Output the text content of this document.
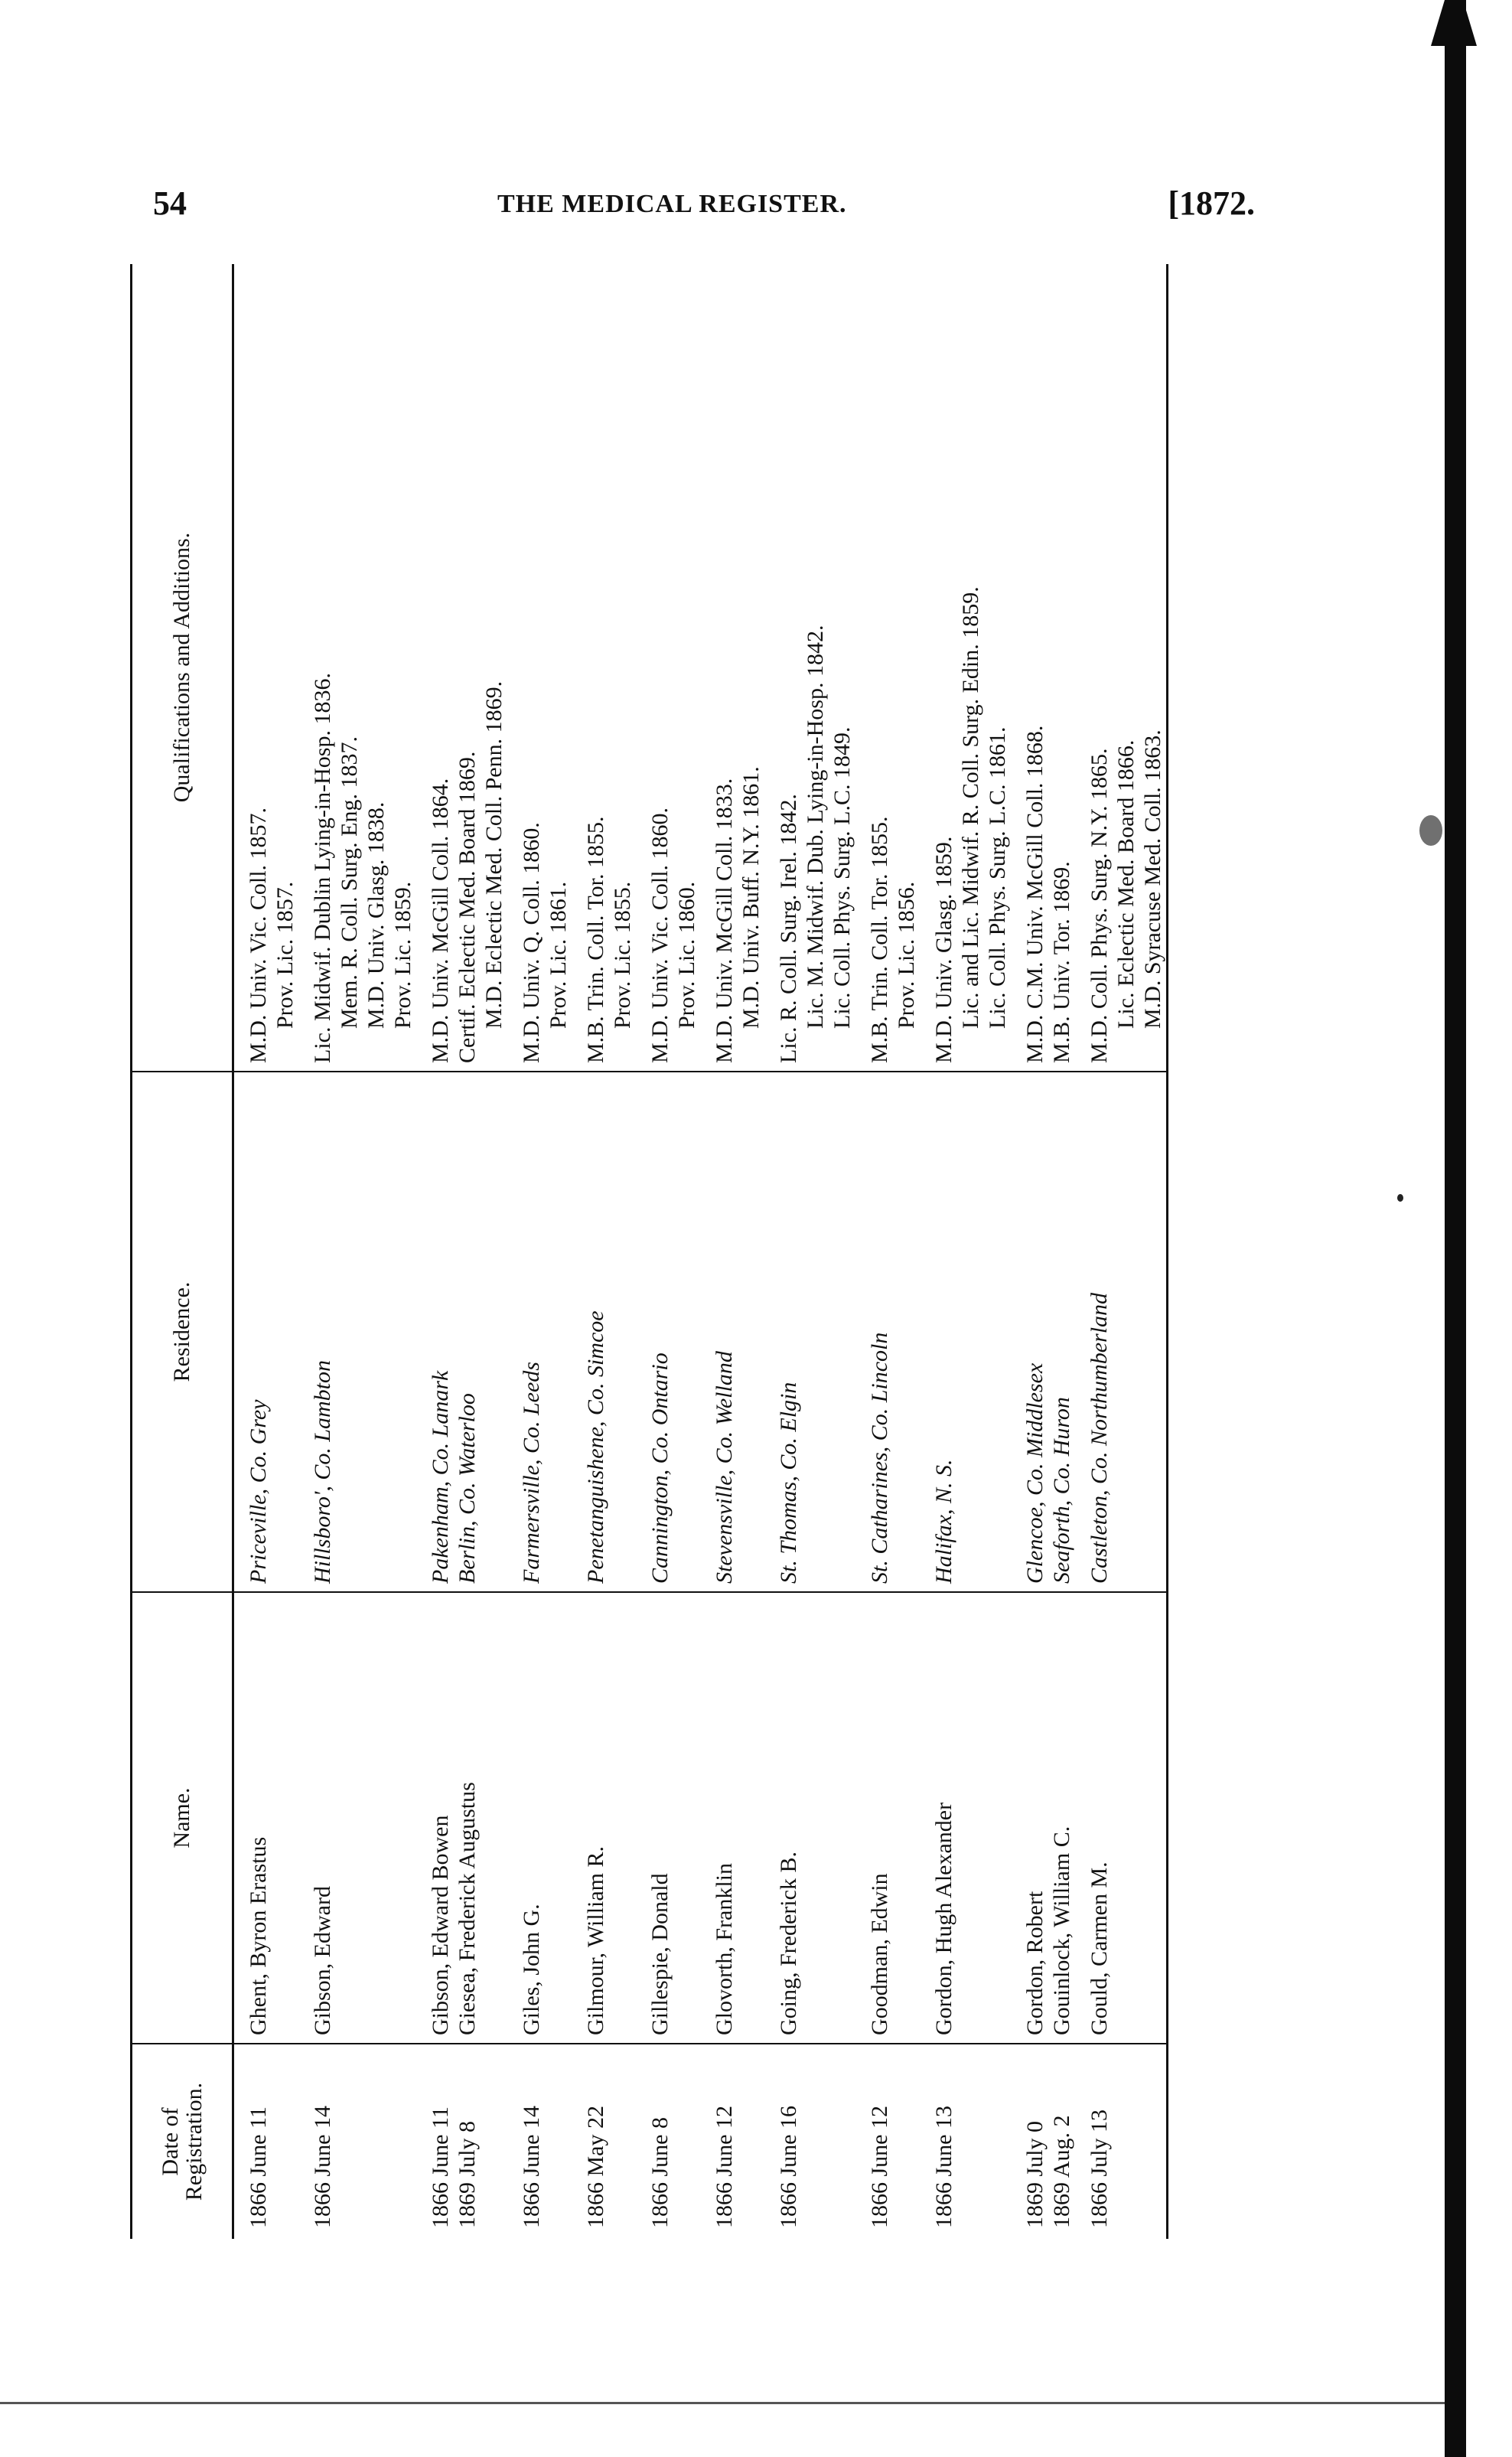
54	THE MEDICAL REGISTER.	[1872.
Date of Registration.	Name.	Residence.	Qualifications and Additions.

1866 June 11	Ghent, Byron Erastus	Priceville, Co. Grey	M.D. Univ. Vic. Coll. 1857. Prov. Lic. 1857.

1866 June 14	Gibson, Edward	Hillsboro', Co. Lambton	Lic. Midwif. Dublin Lying-in-Hosp. 1836. Mem. R. Coll. Surg. Eng. 1837. M.D. Univ. Glasg. 1838. Prov. Lic. 1859.

1866 June 11	Gibson, Edward Bowen	Pakenham, Co. Lanark	M.D. Univ. McGill Coll. 1864.

1869 July 8	Giesea, Frederick Augustus	Berlin, Co. Waterloo	Certif. Eclectic Med. Board 1869. M.D. Eclectic Med. Coll. Penn. 1869.

1866 June 14	Giles, John G.	Farmersville, Co. Leeds	M.D. Univ. Q. Coll. 1860. Prov. Lic. 1861.

1866 May 22	Gilmour, William R.	Penetanguishene, Co. Simcoe	M.B. Trin. Coll. Tor. 1855. Prov. Lic. 1855.

1866 June 8	Gillespie, Donald	Cannington, Co. Ontario	M.D. Univ. Vic. Coll. 1860. Prov. Lic. 1860.

1866 June 12	Glovorth, Franklin	Stevensville, Co. Welland	M.D. Univ. McGill Coll. 1833. M.D. Univ. Buff. N.Y. 1861.

1866 June 16	Going, Frederick B.	St. Thomas, Co. Elgin	Lic. R. Coll. Surg. Irel. 1842. Lic. M. Midwif. Dub. Lying-in-Hosp. 1842. Lic. Coll. Phys. Surg. L.C. 1849.

1866 June 12	Goodman, Edwin	St. Catharines, Co. Lincoln	M.B. Trin. Coll. Tor. 1855. Prov. Lic. 1856.

1866 June 13	Gordon, Hugh Alexander	Halifax, N. S.	M.D. Univ. Glasg. 1859. Lic. and Lic. Midwif. R. Coll. Surg. Edin. 1859. Lic. Coll. Phys. Surg. L.C. 1861.

1869 July 0	Gordon, Robert	Glencoe, Co. Middlesex	M.D. C.M. Univ. McGill Coll. 1868.

1869 Aug. 2	Gouinlock, William C.	Seaforth, Co. Huron	M.B. Univ. Tor. 1869.

1866 July 13	Gould, Carmen M.	Castleton, Co. Northumberland	M.D. Coll. Phys. Surg. N.Y. 1865. Lic. Eclectic Med. Board 1866. M.D. Syracuse Med. Coll. 1863.
